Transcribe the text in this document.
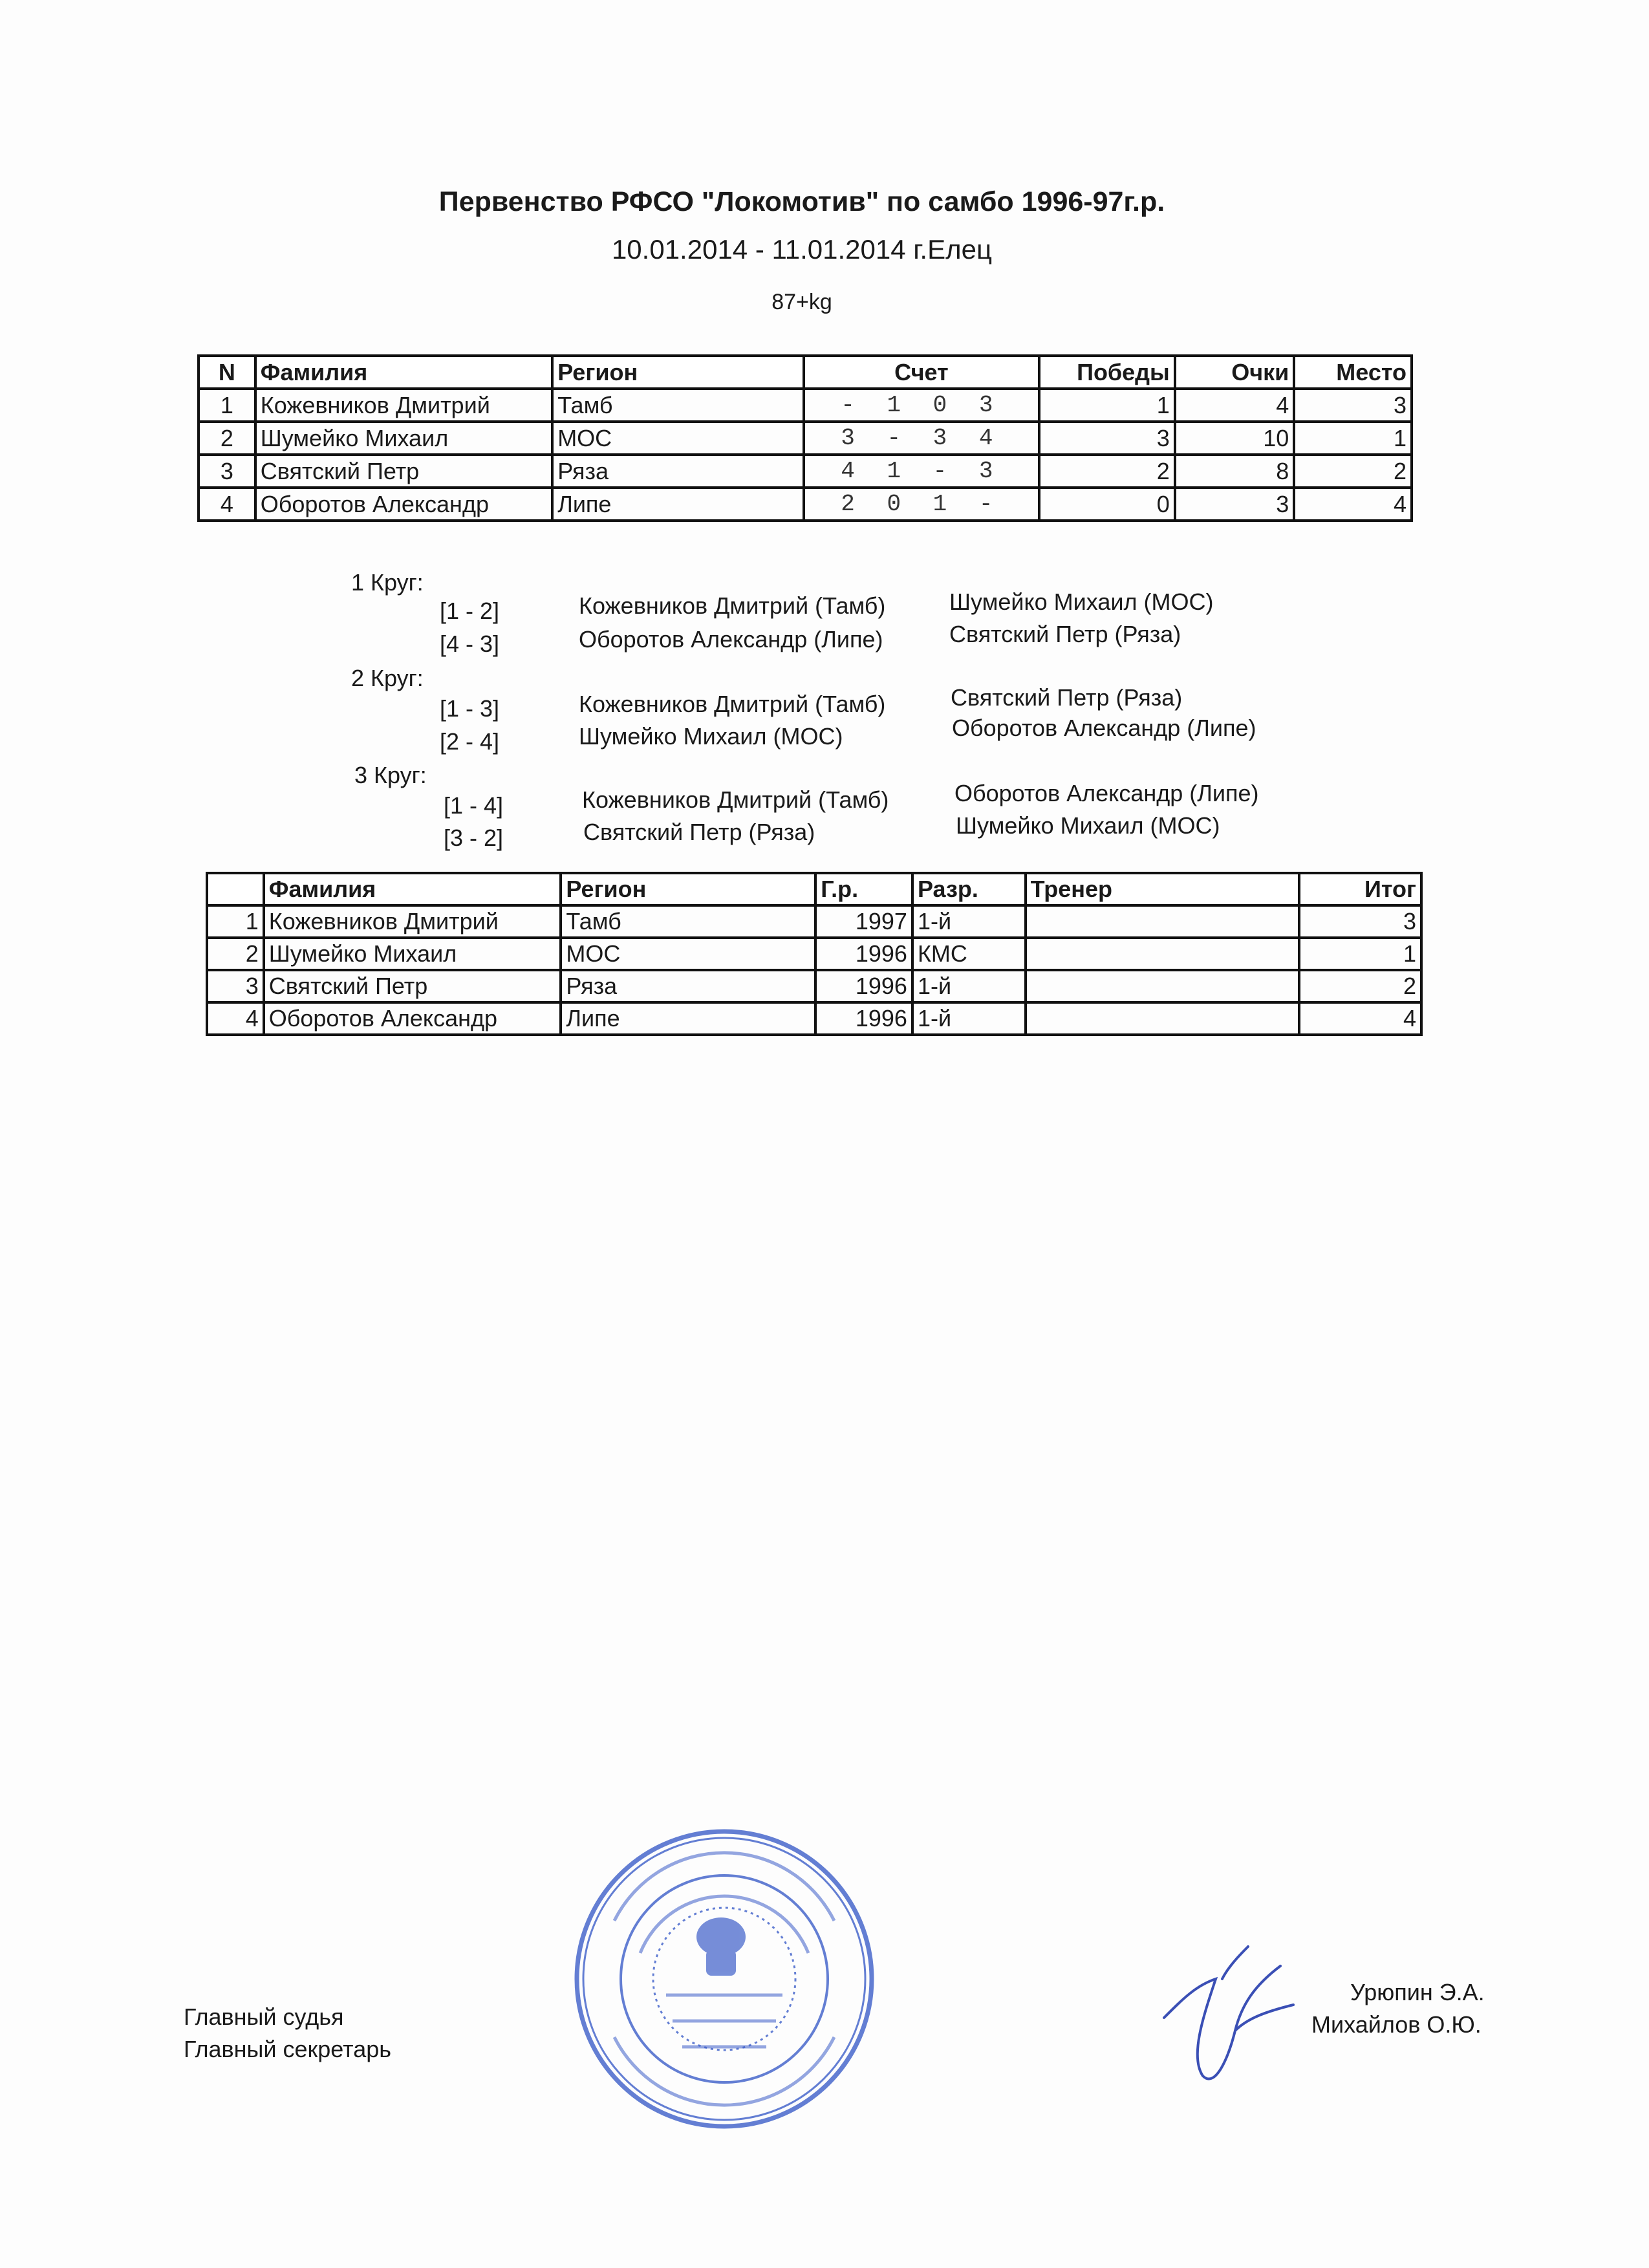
Первенство РФСО "Локомотив" по самбо 1996-97г.р.
10.01.2014 - 11.01.2014 г.Елец
87+kg
N	Фамилия	Регион	Счет	Победы	Очки	Место
1	Кожевников Дмитрий	Тамб	- 1 0 3	1	4	3
2	Шумейко Михаил	МОС	3 - 3 4	3	10	1
3	Святский Петр	Ряза	4 1 - 3	2	8	2
4	Оборотов Александр	Липе	2 0 1 -	0	3	4
1 Круг:
[1 - 2]	Кожевников Дмитрий (Тамб)	Шумейко Михаил (МОС)
[4 - 3]	Оборотов Александр (Липе)	Святский Петр (Ряза)
2 Круг:
[1 - 3]	Кожевников Дмитрий (Тамб)	Святский Петр (Ряза)
[2 - 4]	Шумейко Михаил (МОС)	Оборотов Александр (Липе)
3 Круг:
[1 - 4]	Кожевников Дмитрий (Тамб)	Оборотов Александр (Липе)
[3 - 2]	Святский Петр (Ряза)	Шумейко Михаил (МОС)
	Фамилия	Регион	Г.р.	Разр.	Тренер	Итог
1	Кожевников Дмитрий	Тамб	1997	1-й		3
2	Шумейко Михаил	МОС	1996	КМС		1
3	Святский Петр	Ряза	1996	1-й		2
4	Оборотов Александр	Липе	1996	1-й		4
Главный судья
Главный секретарь
Урюпин Э.А.
Михайлов О.Ю.
